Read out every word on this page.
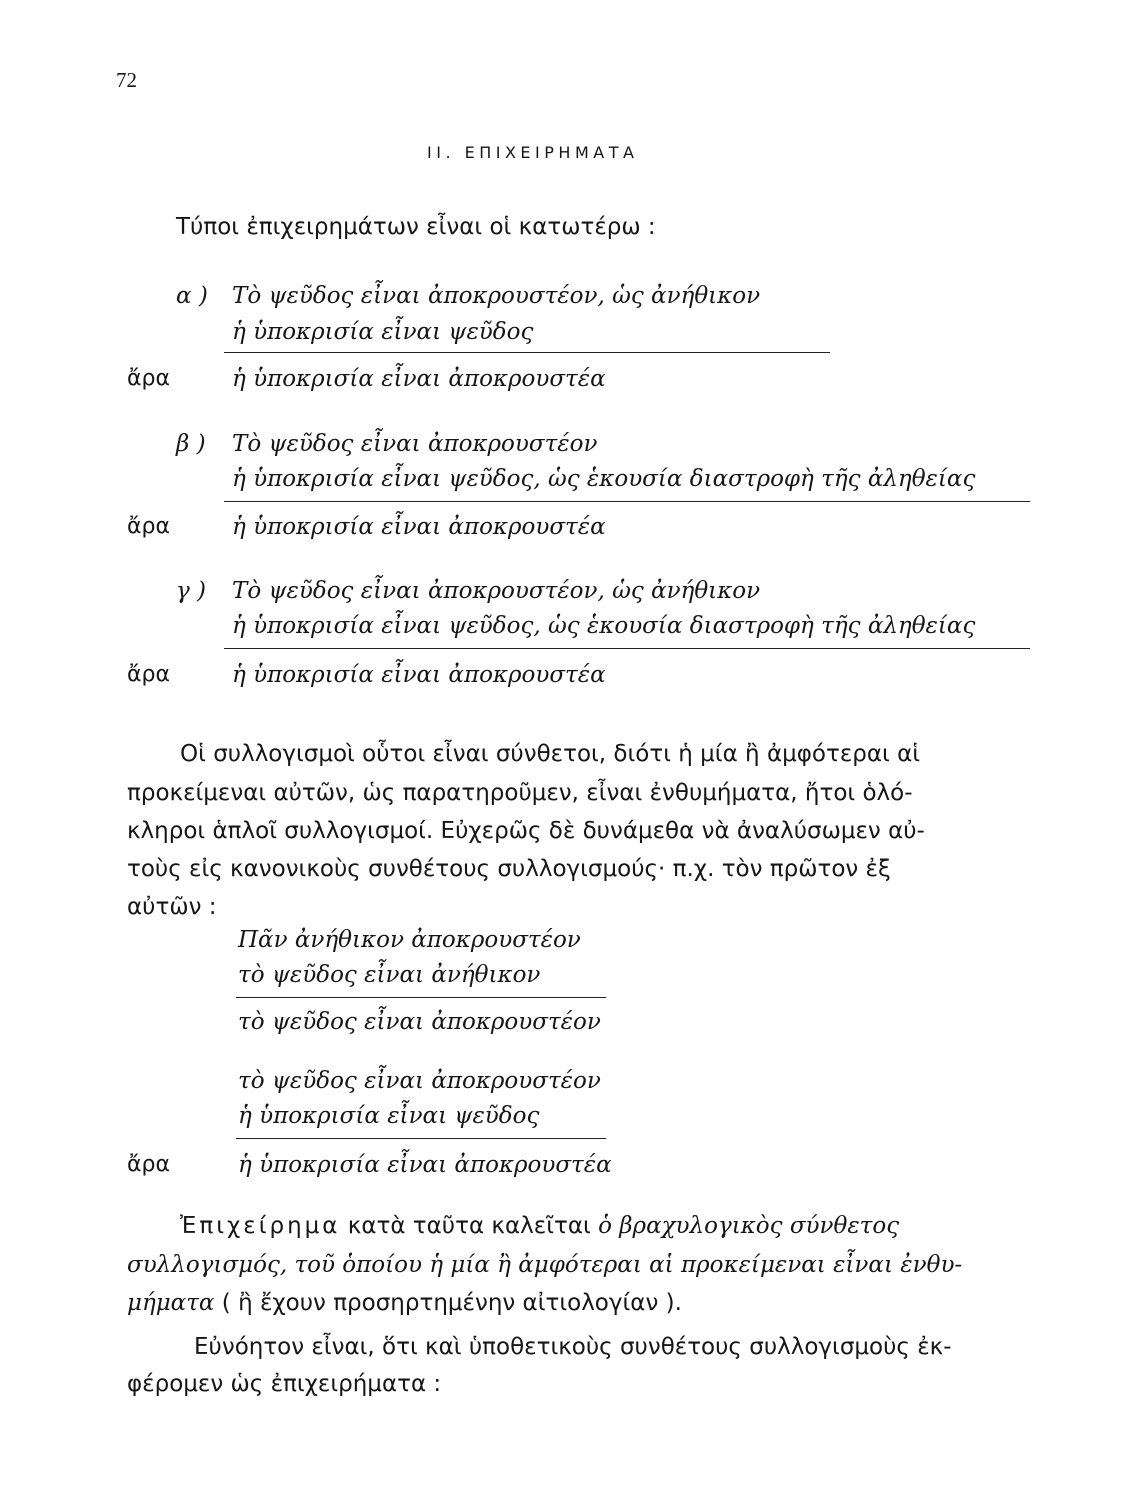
72
ΙΙ. ΕΠΙΧΕΙΡΗΜΑΤΑ
Τύποι ἐπιχειρημάτων εἶναι οἱ κατωτέρω :
α ) Τὸ ψεῦδος εἶναι ἀποκρουστέον, ὡς ἀνήθικον
ἡ ὑποκρισία εἶναι ψεῦδος
ἄρα	ἡ ὑποκρισία εἶναι ἀποκρουστέα
β ) Τὸ ψεῦδος εἶναι ἀποκρουστέον
ἡ ὑποκρισία εἶναι ψεῦδος, ὡς ἑκουσία διαστροφὴ τῆς ἀληθείας
ἄρα	ἡ ὑποκρισία εἶναι ἀποκρουστέα
γ ) Τὸ ψεῦδος εἶναι ἀποκρουστέον, ὡς ἀνήθικον
ἡ ὑποκρισία εἶναι ψεῦδος, ὡς ἑκουσία διαστροφὴ τῆς ἀληθείας
ἄρα	ἡ ὑποκρισία εἶναι ἀποκρουστέα
Οἱ συλλογισμοὶ οὗτοι εἶναι σύνθετοι, διότι ἡ μία ἢ ἀμφότεραι αἱ
προκείμεναι αὐτῶν, ὡς παρατηροῦμεν, εἶναι ἐνθυμήματα, ἤτοι ὁλό-
κληροι ἁπλοῖ συλλογισμοί. Εὐχερῶς δὲ δυνάμεθα νὰ ἀναλύσωμεν αὐ-
τοὺς εἰς κανονικοὺς συνθέτους συλλογισμούς· π.χ. τὸν πρῶτον ἐξ
αὐτῶν :
Πᾶν ἀνήθικον ἀποκρουστέον
τὸ ψεῦδος εἶναι ἀνήθικον
τὸ ψεῦδος εἶναι ἀποκρουστέον
τὸ ψεῦδος εἶναι ἀποκρουστέον
ἡ ὑποκρισία εἶναι ψεῦδος
ἄρα	ἡ ὑποκρισία εἶναι ἀποκρουστέα
Ἐπιχείρημα κατὰ ταῦτα καλεῖται ὁ βραχυλογικὸς σύνθετος
συλλογισμός, τοῦ ὁποίου ἡ μία ἢ ἀμφότεραι αἱ προκείμεναι εἶναι ἐνθυ-
μήματα ( ἢ ἔχουν προσηρτημένην αἰτιολογίαν ).
Εὐνόητον εἶναι, ὅτι καὶ ὑποθετικοὺς συνθέτους συλλογισμοὺς ἐκ-
φέρομεν ὡς ἐπιχειρήματα :
